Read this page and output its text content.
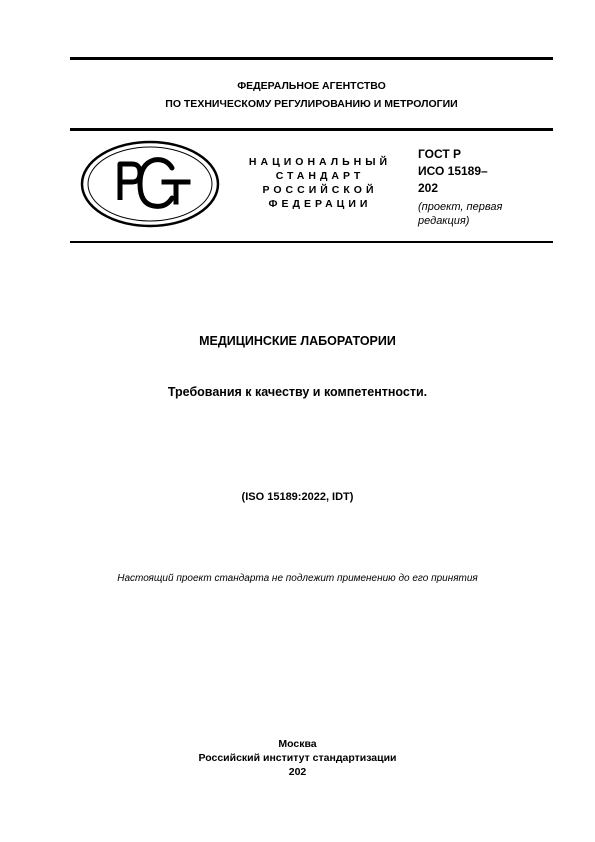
ФЕДЕРАЛЬНОЕ АГЕНТСТВО
ПО ТЕХНИЧЕСКОМУ РЕГУЛИРОВАНИЮ И МЕТРОЛОГИИ
НАЦИОНАЛЬНЫЙ
СТАНДАРТ
РОССИЙСКОЙ
ФЕДЕРАЦИИ
ГОСТ Р
ИСО 15189–
202
(проект, первая
редакция)
МЕДИЦИНСКИЕ ЛАБОРАТОРИИ
Требования к качеству и компетентности.
(ISO 15189:2022, IDT)
Настоящий проект стандарта не подлежит применению до его принятия
Москва
Российский институт стандартизации
202
